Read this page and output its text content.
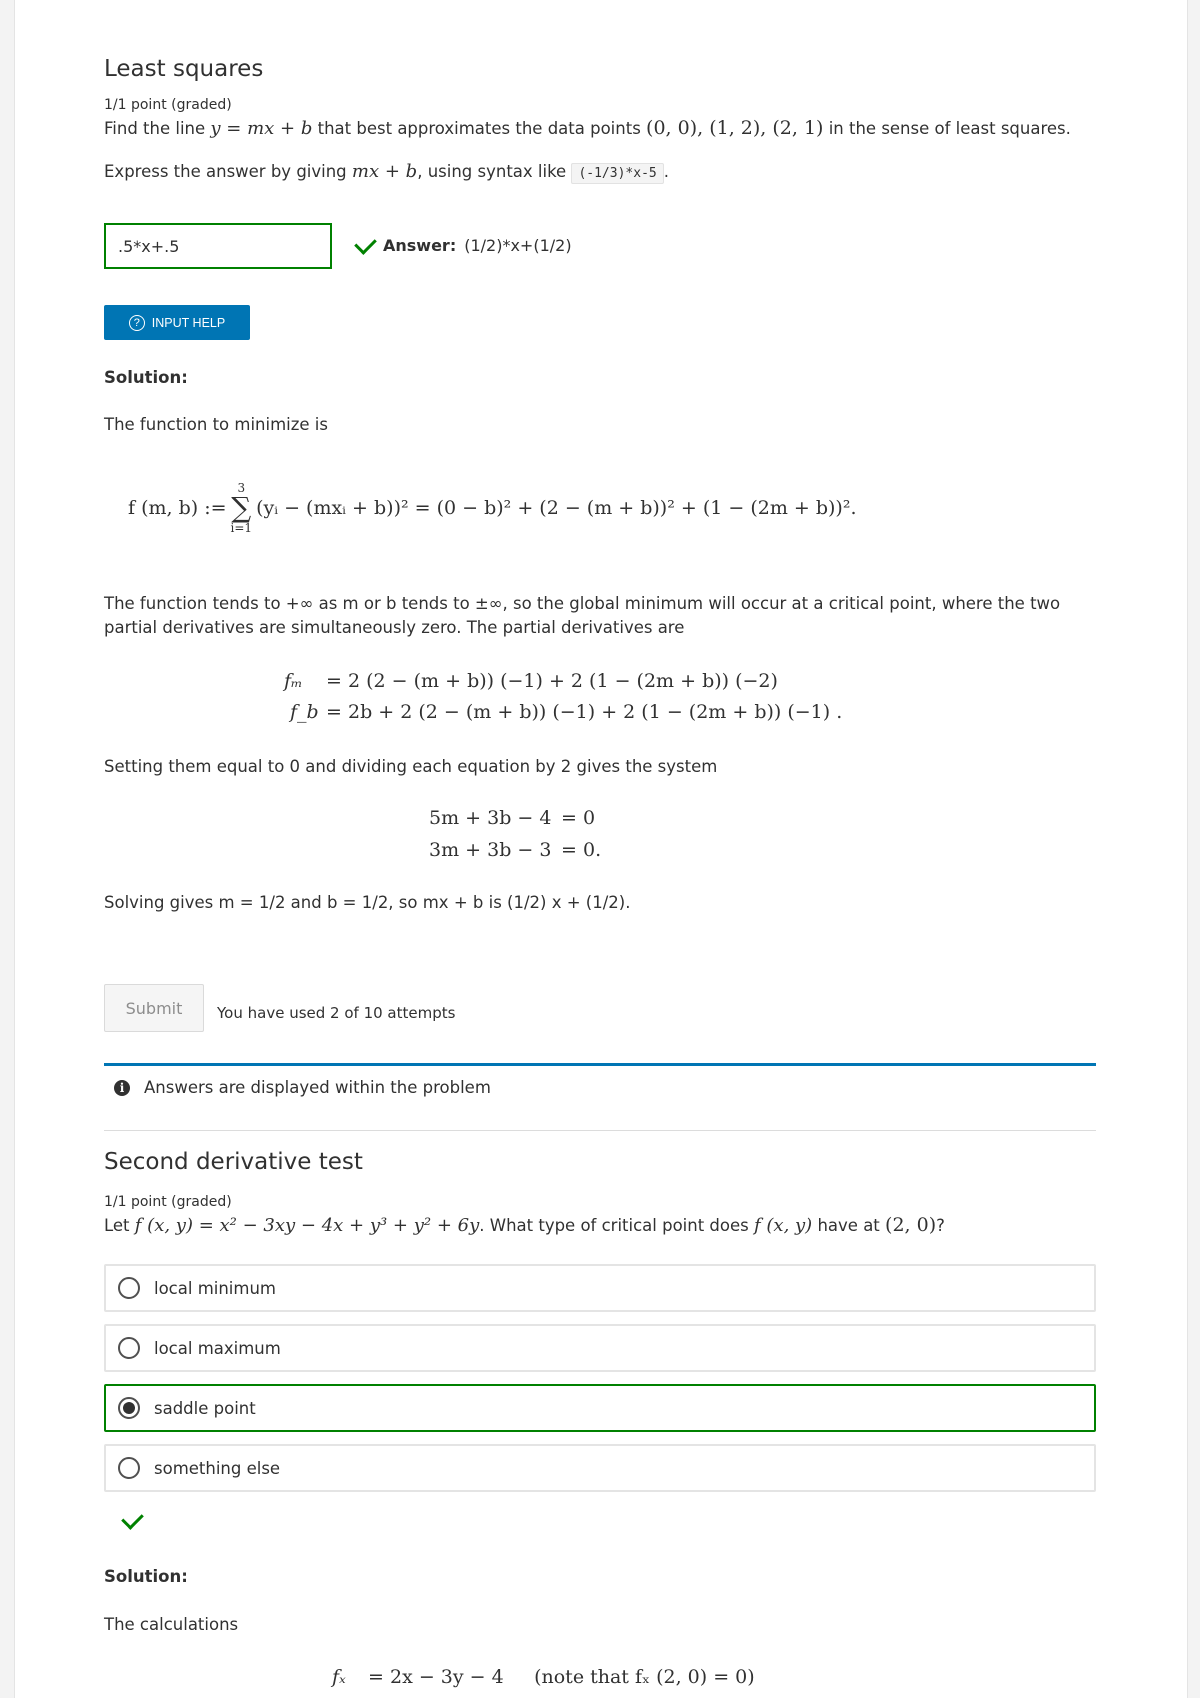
Least squares
1/1 point (graded)
Find the line y = mx + b that best approximates the data points (0, 0), (1, 2), (2, 1) in the sense of least squares.
Express the answer by giving mx + b, using syntax like (-1/3)*x-5 .
.5*x+.5
Answer: (1/2)*x+(1/2)
? INPUT HELP
Solution:
The function to minimize is
f (m, b) :=
3
∑
i=1
(yᵢ − (mxᵢ + b))² = (0 − b)² + (2 − (m + b))² + (1 − (2m + b))².
The function tends to +∞ as m or b tends to ±∞, so the global minimum will occur at a critical point, where the two partial derivatives are simultaneously zero. The partial derivatives are
fₘ = 2 (2 − (m + b)) (−1) + 2 (1 − (2m + b)) (−2)
f_b = 2b + 2 (2 − (m + b)) (−1) + 2 (1 − (2m + b)) (−1) .
Setting them equal to 0 and dividing each equation by 2 gives the system
5m + 3b − 4 = 0
3m + 3b − 3 = 0.
Solving gives m = 1/2 and b = 1/2, so mx + b is (1/2) x + (1/2).
Submit	You have used 2 of 10 attempts
i	Answers are displayed within the problem
Second derivative test
1/1 point (graded)
Let f (x, y) = x² − 3xy − 4x + y³ + y² + 6y. What type of critical point does f (x, y) have at (2, 0)?
local minimum
local maximum
saddle point
something else
Solution:
The calculations
fₓ = 2x − 3y − 4 (note that fₓ (2, 0) = 0)
